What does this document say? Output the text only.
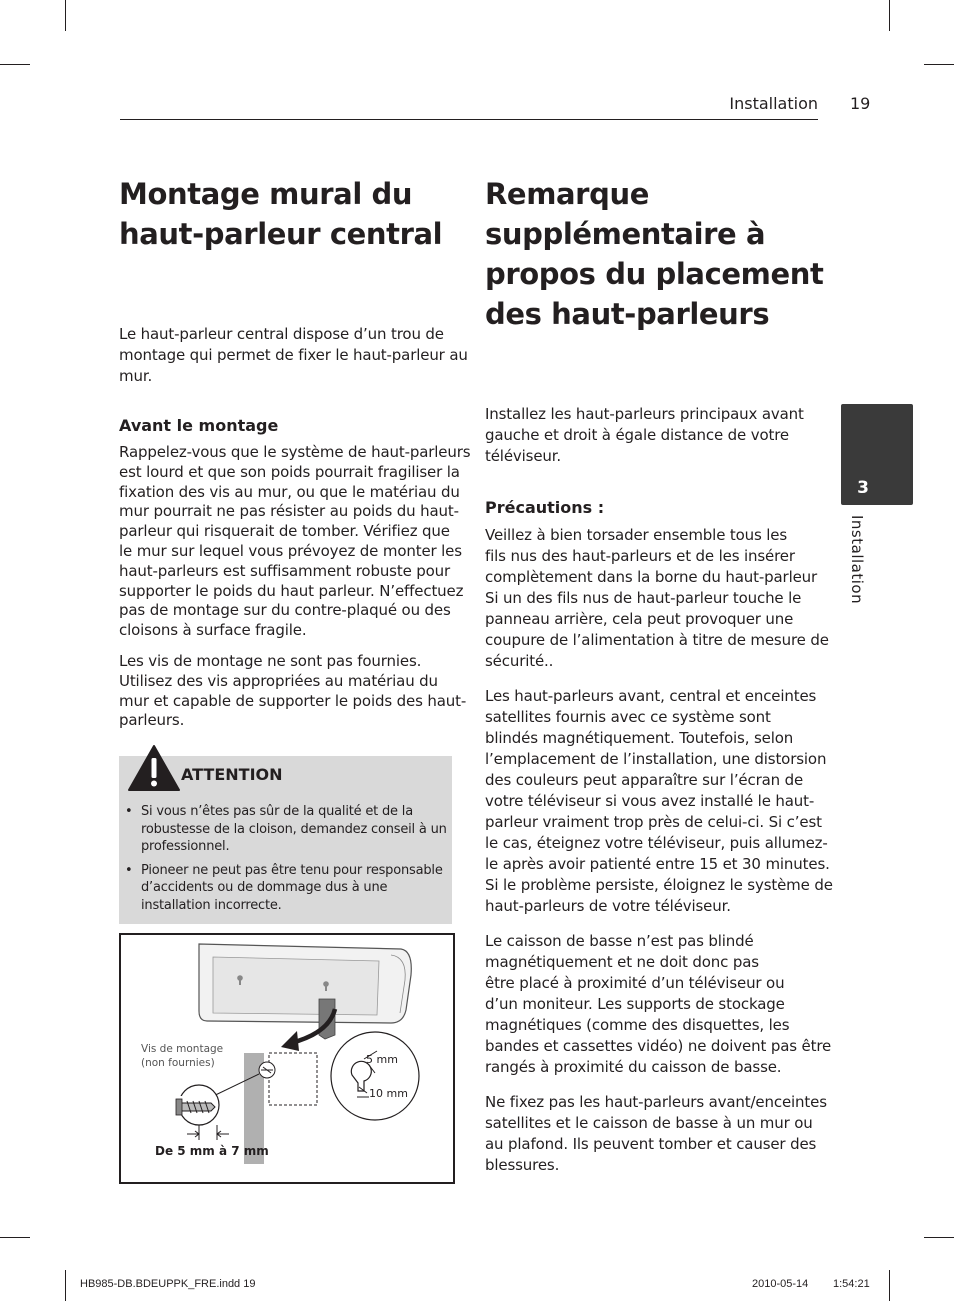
Installation 19
3
Installation
Montage mural du
haut-parleur central
Le haut-parleur central dispose d’un trou de
montage qui permet de fixer le haut-parleur au
mur.
Avant le montage
Rappelez-vous que le système de haut-parleurs
est lourd et que son poids pourrait fragiliser la
fixation des vis au mur, ou que le matériau du
mur pourrait ne pas résister au poids du haut-
parleur qui risquerait de tomber. Vérifiez que
le mur sur lequel vous prévoyez de monter les
haut-parleurs est suffisamment robuste pour
supporter le poids du haut parleur. N’effectuez
pas de montage sur du contre-plaqué ou des
cloisons à surface fragile.
Les vis de montage ne sont pas fournies.
Utilisez des vis appropriées au matériau du
mur et capable de supporter le poids des haut-
parleurs.
ATTENTION
• Si vous n’êtes pas sûr de la qualité et de la robustesse de la cloison, demandez conseil à un professionnel.
• Pioneer ne peut pas être tenu pour responsable d’accidents ou de dommage dus à une installation incorrecte.
Vis de montage
(non fournies)	5 mm
10 mm
De 5 mm à 7 mm
Remarque
supplémentaire à
propos du placement
des haut-parleurs
Installez les haut-parleurs principaux avant
gauche et droit à égale distance de votre
téléviseur.
Précautions :
Veillez à bien torsader ensemble tous les
fils nus des haut-parleurs et de les insérer
complètement dans la borne du haut-parleur
Si un des fils nus de haut-parleur touche le
panneau arrière, cela peut provoquer une
coupure de l’alimentation à titre de mesure de
sécurité..
Les haut-parleurs avant, central et enceintes
satellites fournis avec ce système sont
blindés magnétiquement. Toutefois, selon
l’emplacement de l’installation, une distorsion
des couleurs peut apparaître sur l’écran de
votre téléviseur si vous avez installé le haut-
parleur vraiment trop près de celui-ci. Si c’est
le cas, éteignez votre téléviseur, puis allumez-
le après avoir patienté entre 15 et 30 minutes.
Si le problème persiste, éloignez le système de
haut-parleurs de votre téléviseur.
Le caisson de basse n’est pas blindé
magnétiquement et ne doit donc pas
être placé à proximité d’un téléviseur ou
d’un moniteur. Les supports de stockage
magnétiques (comme des disquettes, les
bandes et cassettes vidéo) ne doivent pas être
rangés à proximité du caisson de basse.
Ne fixez pas les haut-parleurs avant/enceintes
satellites et le caisson de basse à un mur ou
au plafond. Ils peuvent tomber et causer des
blessures.
HB985-DB.BDEUPPK_FRE.indd 19	2010-05-14 1:54:21
